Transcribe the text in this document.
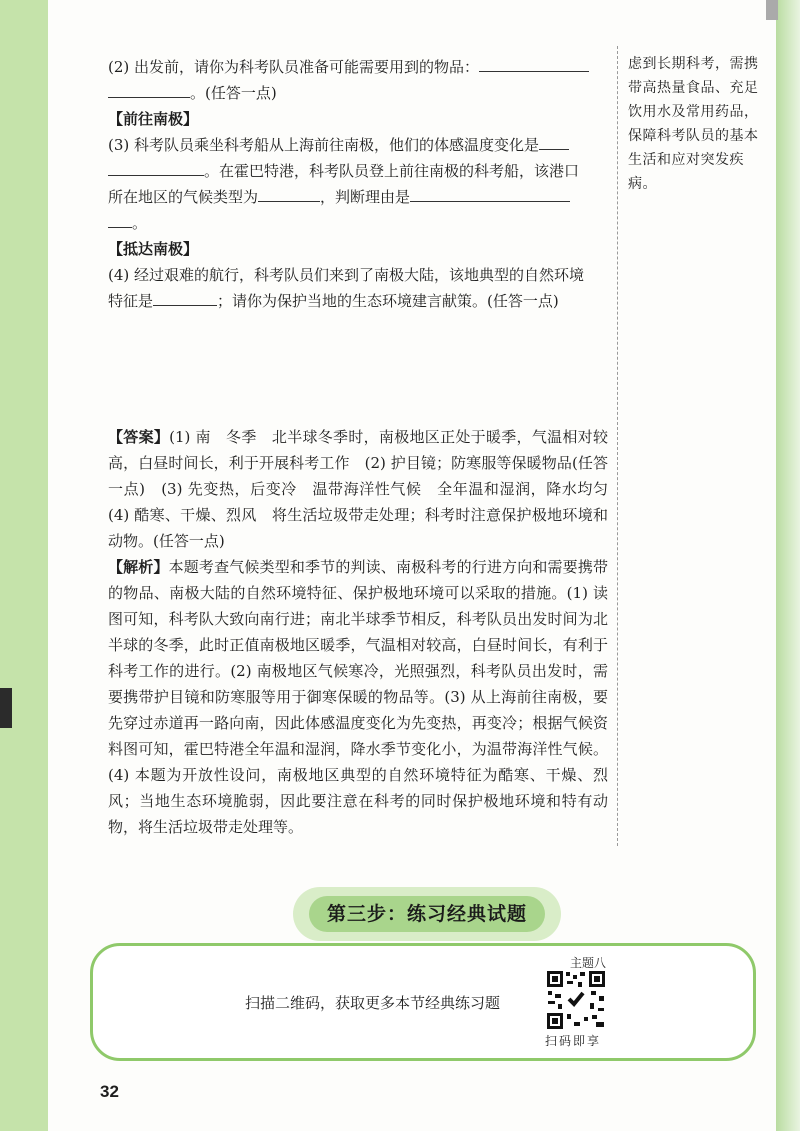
虑到长期科考，需携带高热量食品、充足饮用水及常用药品，保障科考队员的基本生活和应对突发疾病。
(2) 出发前，请你为科考队员准备可能需要用到的物品：
。(任答一点)
【前往南极】
(3) 科考队员乘坐科考船从上海前往南极，他们的体感温度变化是
。在霍巴特港，科考队员登上前往南极的科考船，该港口
所在地区的气候类型为	，判断理由是
。
【抵达南极】
(4) 经过艰难的航行，科考队员们来到了南极大陆，该地典型的自然环境
特征是	；请你为保护当地的生态环境建言献策。(任答一点)
【答案】(1) 南　冬季　北半球冬季时，南极地区正处于暖季，气温相对较高，白昼时间长，利于开展科考工作　(2) 护目镜；防寒服等保暖物品(任答一点)　(3) 先变热，后变冷　温带海洋性气候　全年温和湿润，降水均匀　(4) 酷寒、干燥、烈风　将生活垃圾带走处理；科考时注意保护极地环境和动物。(任答一点)
【解析】本题考查气候类型和季节的判读、南极科考的行进方向和需要携带的物品、南极大陆的自然环境特征、保护极地环境可以采取的措施。(1) 读图可知，科考队大致向南行进；南北半球季节相反，科考队员出发时间为北半球的冬季，此时正值南极地区暖季，气温相对较高，白昼时间长，有利于科考工作的进行。(2) 南极地区气候寒冷，光照强烈，科考队员出发时，需要携带护目镜和防寒服等用于御寒保暖的物品等。(3) 从上海前往南极，要先穿过赤道再一路向南，因此体感温度变化为先变热，再变冷；根据气候资料图可知，霍巴特港全年温和湿润，降水季节变化小，为温带海洋性气候。(4) 本题为开放性设问，南极地区典型的自然环境特征为酷寒、干燥、烈风；当地生态环境脆弱，因此要注意在科考的同时保护极地环境和特有动物，将生活垃圾带走处理等。
第三步：练习经典试题
扫描二维码，获取更多本节经典练习题
主题八
扫码即享
32
